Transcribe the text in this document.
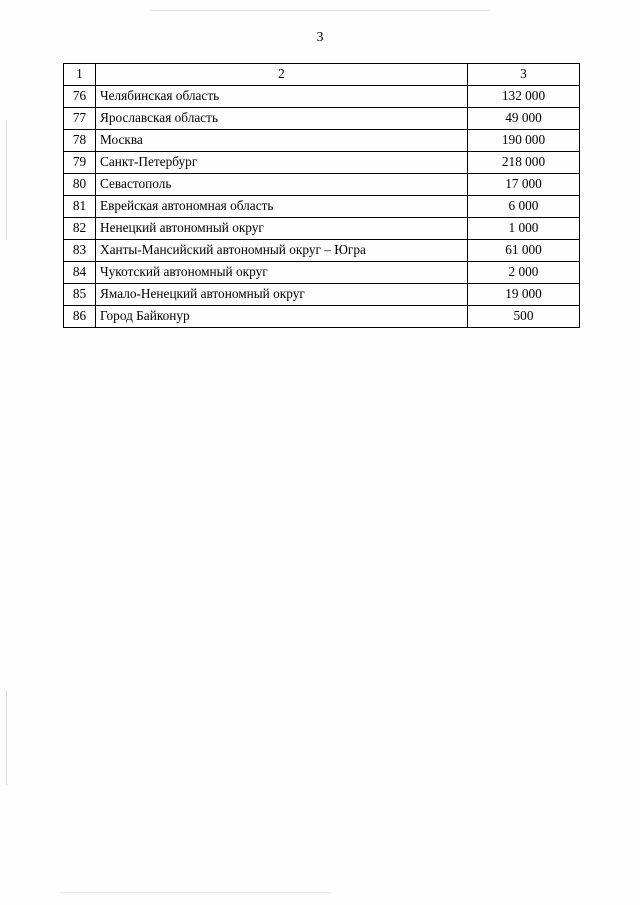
3
1	2	3
76	Челябинская область	132 000
77	Ярославская область	49 000
78	Москва	190 000
79	Санкт-Петербург	218 000
80	Севастополь	17 000
81	Еврейская автономная область	6 000
82	Ненецкий автономный округ	1 000
83	Ханты-Мансийский автономный округ – Югра	61 000
84	Чукотский автономный округ	2 000
85	Ямало-Ненецкий автономный округ	19 000
86	Город Байконур	500
